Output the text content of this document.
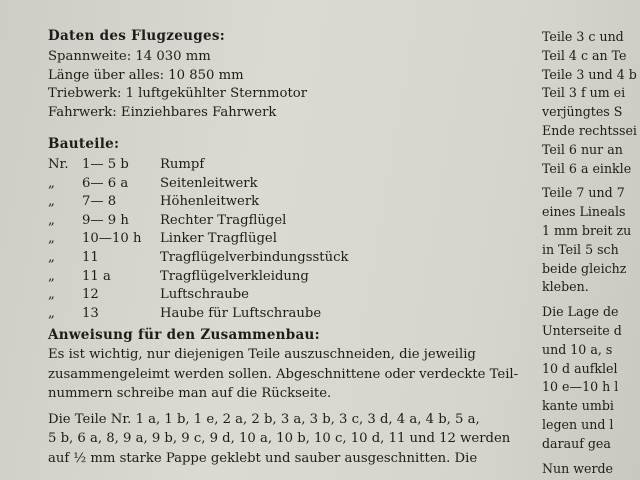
Daten des Flugzeuges:

Spannweite: 14 030 mm

Länge über alles: 10 850 mm

Triebwerk: 1 luftgekühlter Sternmotor

Fahrwerk: Einziehbares Fahrwerk

Bauteile:

Nr.	1— 5 b	Rumpf
„	6— 6 a	Seitenleitwerk
„	7— 8	Höhenleitwerk
„	9— 9 h	Rechter Tragflügel
„	10—10 h	Linker Tragflügel
„	11	Tragflügelverbindungsstück
„	11 a	Tragflügelverkleidung
„	12	Luftschraube
„	13	Haube für Luftschraube

Anweisung für den Zusammenbau:

Es ist wichtig, nur diejenigen Teile auszuschneiden, die jeweilig
zusammengeleimt werden sollen. Abgeschnittene oder verdeckte Teil-
nummern schreibe man auf die Rückseite.
Die Teile Nr. 1 a, 1 b, 1 e, 2 a, 2 b, 3 a, 3 b, 3 c, 3 d, 4 a, 4 b, 5 a,
5 b, 6 a, 8, 9 a, 9 b, 9 c, 9 d, 10 a, 10 b, 10 c, 10 d, 11 und 12 werden
auf ½ mm starke Pappe geklebt und sauber ausgeschnitten. Die
Teile 3 c und
Teil 4 c an Te
Teile 3 und 4 b
Teil 3 f um ei
verjüngtes S
Ende rechtssei
Teil 6 nur an
Teil 6 a einkle
Teile 7 und 7
eines Lineals
1 mm breit zu
in Teil 5 sch
beide gleichz
kleben.
Die Lage de
Unterseite d
und 10 a, s
10 d aufklel
10 e—10 h l
kante umbi
legen und l
darauf gea
Nun werde
